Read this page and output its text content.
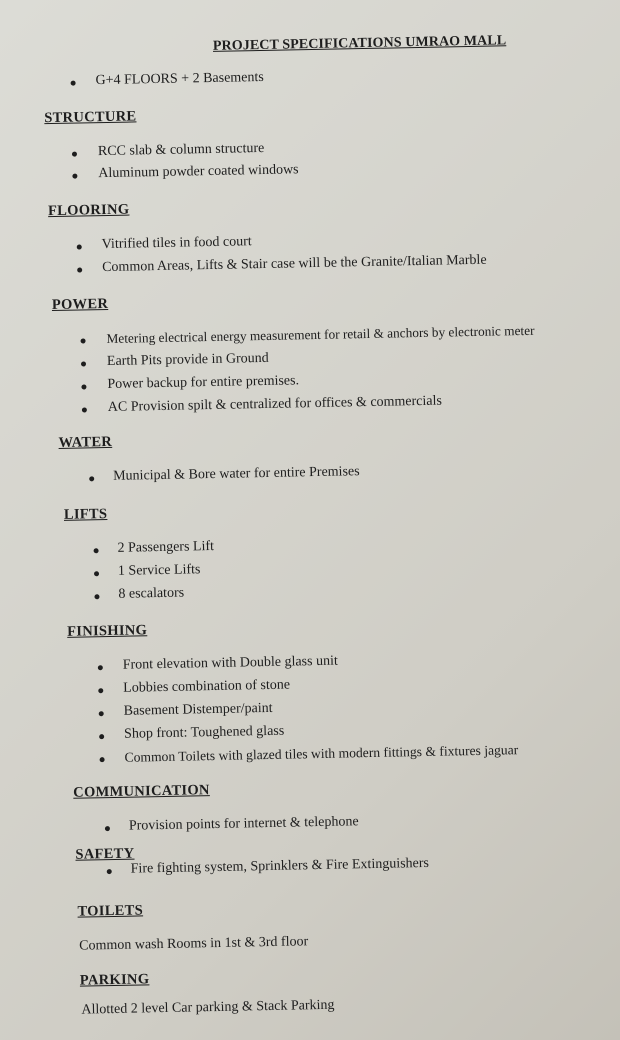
PROJECT SPECIFICATIONS UMRAO MALL
G+4 FLOORS + 2 Basements
STRUCTURE
RCC slab & column structure
Aluminum powder coated windows
FLOORING
Vitrified tiles in food court
Common Areas, Lifts & Stair case will be the Granite/Italian Marble
POWER
Metering electrical energy measurement for retail & anchors by electronic meter
Earth Pits provide in Ground
Power backup for entire premises.
AC Provision spilt & centralized for offices & commercials
WATER
Municipal & Bore water for entire Premises
LIFTS
2 Passengers Lift
1 Service Lifts
8 escalators
FINISHING
Front elevation with Double glass unit
Lobbies combination of stone
Basement Distemper/paint
Shop front: Toughened glass
Common Toilets with glazed tiles with modern fittings & fixtures jaguar
COMMUNICATION
Provision points for internet & telephone
SAFETY
Fire fighting system, Sprinklers & Fire Extinguishers
TOILETS
Common wash Rooms in 1st & 3rd floor
PARKING
Allotted 2 level Car parking & Stack Parking
